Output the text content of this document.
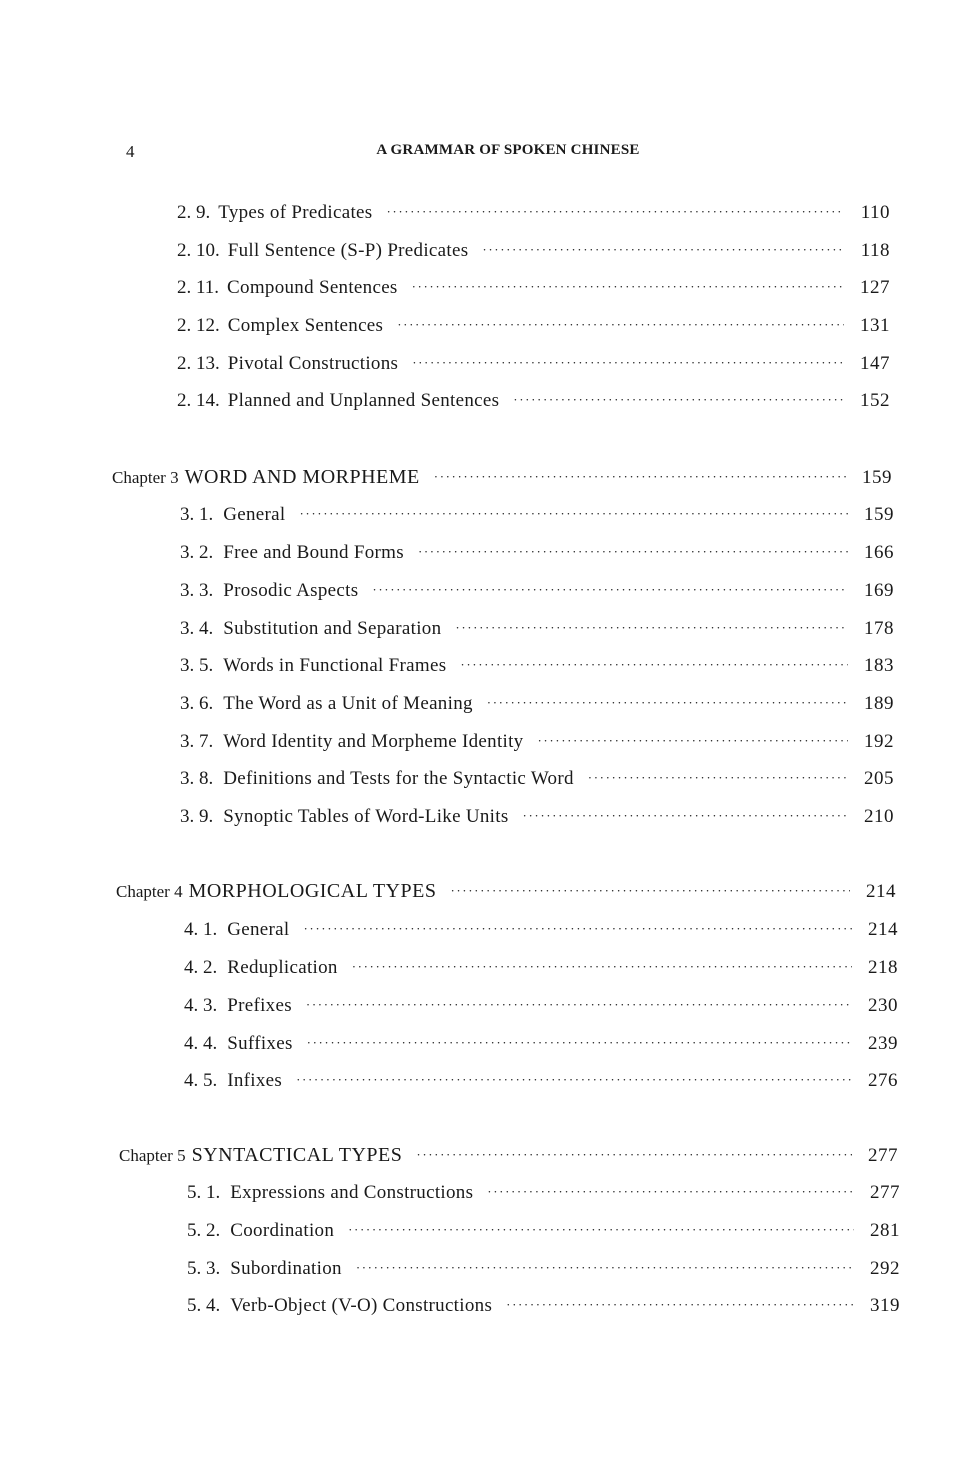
4	A GRAMMAR OF SPOKEN CHINESE
2. 9. Types of Predicates ·····	110
2. 10. Full Sentence (S-P) Predicates ·····	118
2. 11. Compound Sentences ·····	127
2. 12. Complex Sentences ·····	131
2. 13. Pivotal Constructions ·····	147
2. 14. Planned and Unplanned Sentences ·····	152
Chapter 3 WORD AND MORPHEME ·····	159
3. 1. General ·····	159
3. 2. Free and Bound Forms ·····	166
3. 3. Prosodic Aspects ·····	169
3. 4. Substitution and Separation ·····	178
3. 5. Words in Functional Frames ·····	183
3. 6. The Word as a Unit of Meaning ·····	189
3. 7. Word Identity and Morpheme Identity ·····	192
3. 8. Definitions and Tests for the Syntactic Word ·····	205
3. 9. Synoptic Tables of Word-Like Units ·····	210
Chapter 4 MORPHOLOGICAL TYPES ·····	214
4. 1. General ·····	214
4. 2. Reduplication ·····	218
4. 3. Prefixes ·····	230
4. 4. Suffixes ·····	239
4. 5. Infixes ·····	276
Chapter 5 SYNTACTICAL TYPES ·····	277
5. 1. Expressions and Constructions ·····	277
5. 2. Coordination ·····	281
5. 3. Subordination ·····	292
5. 4. Verb-Object (V-O) Constructions ·····	319
